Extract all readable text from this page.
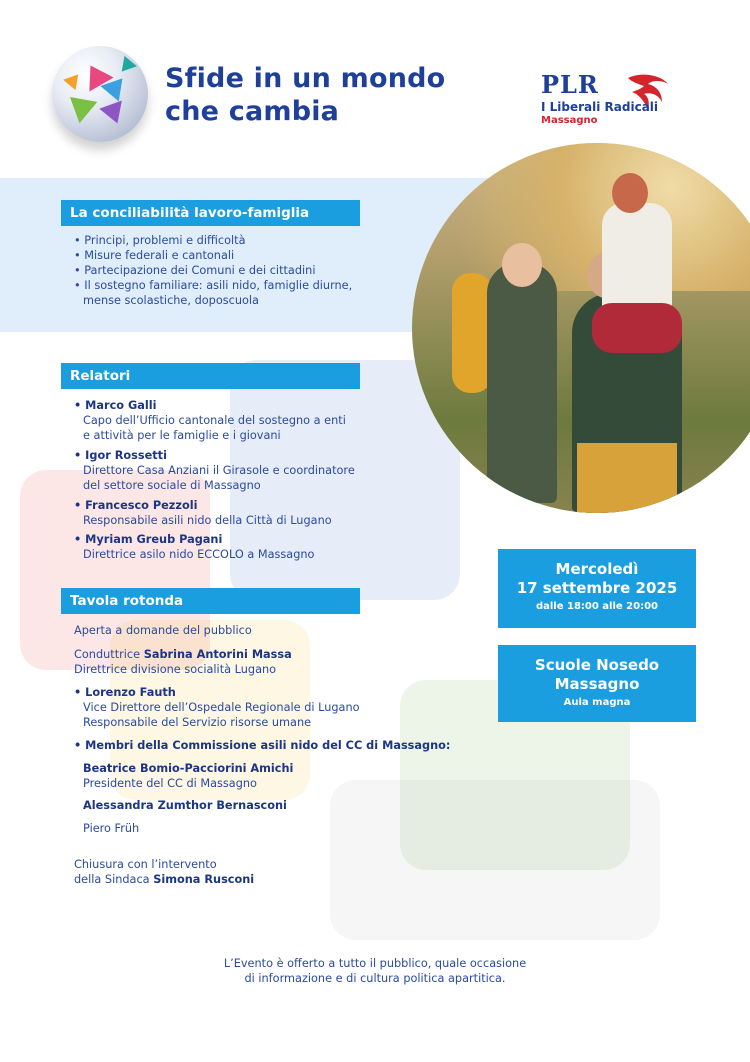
Sfide in un mondo
che cambia
PLR
I Liberali Radicali
Massagno
La conciliabilità lavoro-famiglia
• Principi, problemi e difficoltà
• Misure federali e cantonali
• Partecipazione dei Comuni e dei cittadini
• Il sostegno familiare: asili nido, famiglie diurne,
mense scolastiche, doposcuola
Relatori
• Marco Galli
Capo dell’Ufficio cantonale del sostegno a enti
e attività per le famiglie e i giovani
• Igor Rossetti
Direttore Casa Anziani il Girasole e coordinatore
del settore sociale di Massagno
• Francesco Pezzoli
Responsabile asili nido della Città di Lugano
• Myriam Greub Pagani
Direttrice asilo nido ECCOLO a Massagno
Tavola rotonda
Aperta a domande del pubblico
Conduttrice Sabrina Antorini Massa
Direttrice divisione socialità Lugano
• Lorenzo Fauth
Vice Direttore dell’Ospedale Regionale di Lugano
Responsabile del Servizio risorse umane
• Membri della Commissione asili nido del CC di Massagno:
Beatrice Bomio-Pacciorini Amichi
Presidente del CC di Massagno
Alessandra Zumthor Bernasconi
Piero Früh
Chiusura con l’intervento
della Sindaca Simona Rusconi
Mercoledì
17 settembre 2025
dalle 18:00 alle 20:00
Scuole Nosedo
Massagno
Aula magna
L’Evento è offerto a tutto il pubblico, quale occasione
di informazione e di cultura politica apartitica.
